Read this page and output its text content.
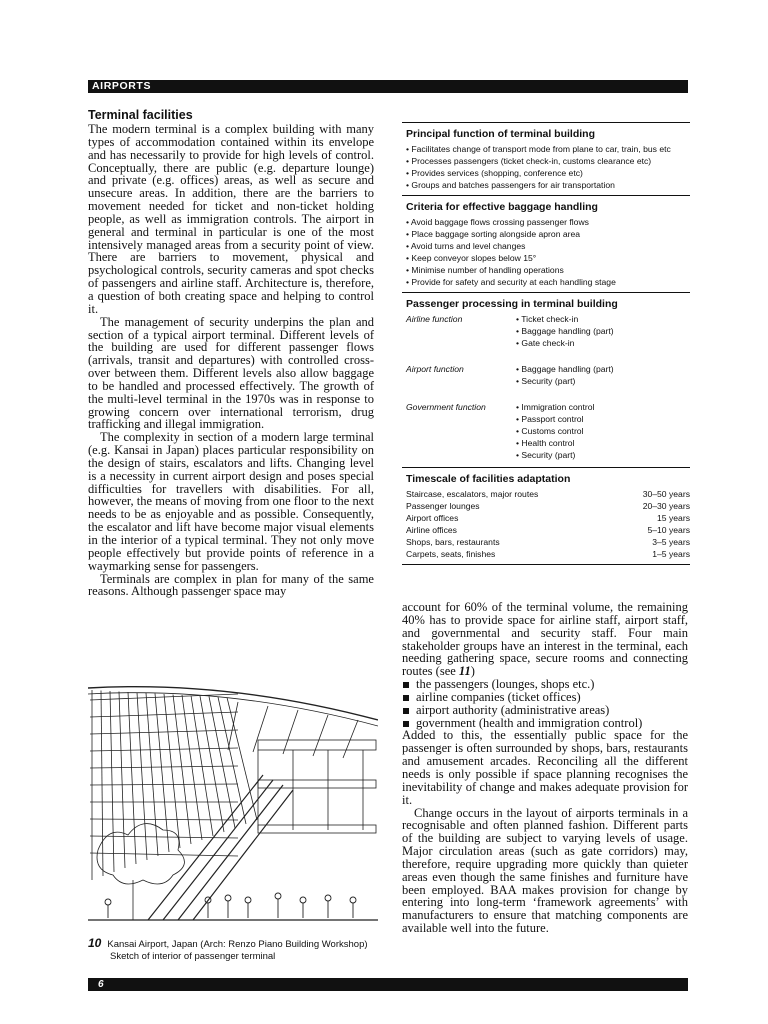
AIRPORTS
Terminal facilities

The modern terminal is a complex building with many types of accommodation contained within its envelope and has necessarily to provide for high levels of control. Conceptually, there are public (e.g. departure lounge) and private (e.g. offices) areas, as well as secure and unsecure areas. In addition, there are the barriers to movement needed for ticket and non-ticket holding people, as well as immigration controls. The airport in general and terminal in particular is one of the most intensively managed areas from a security point of view. There are barriers to movement, physical and psychological controls, security cameras and spot checks of passengers and airline staff. Architecture is, therefore, a question of both creating space and helping to control it.

The management of security underpins the plan and section of a typical airport terminal. Different levels of the building are used for different passenger flows (arrivals, transit and departures) with controlled cross-over between them. Different levels also allow baggage to be handled and processed effectively. The growth of the multi-level terminal in the 1970s was in response to growing concern over international terrorism, drug trafficking and illegal immigration.

The complexity in section of a modern large terminal (e.g. Kansai in Japan) places particular responsibility on the design of stairs, escalators and lifts. Changing level is a necessity in current airport design and poses special difficulties for travellers with disabilities. For all, however, the means of moving from one floor to the next needs to be as enjoyable and as possible. Consequently, the escalator and lift have become major visual elements in the interior of a typical terminal. They not only move people effectively but provide points of reference in a waymarking sense for passengers.

Terminals are complex in plan for many of the same reasons. Although passenger space may

10 Kansai Airport, Japan (Arch: Renzo Piano Building Workshop)
Sketch of interior of passenger terminal
Principal function of terminal building
• Facilitates change of transport mode from plane to car, train, bus etc
• Processes passengers (ticket check-in, customs clearance etc)
• Provides services (shopping, conference etc)
• Groups and batches passengers for air transportation
Criteria for effective baggage handling
• Avoid baggage flows crossing passenger flows
• Place baggage sorting alongside apron area
• Avoid turns and level changes
• Keep conveyor slopes below 15°
• Minimise number of handling operations
• Provide for safety and security at each handling stage
Passenger processing in terminal building
Airline function	• Ticket check-in
• Baggage handling (part)
• Gate check-in
Airport function	• Baggage handling (part)
• Security (part)
Government function	• Immigration control
• Passport control
• Customs control
• Health control
• Security (part)
Timescale of facilities adaptation
Staircase, escalators, major routes	30–50 years
Passenger lounges	20–30 years
Airport offices	15 years
Airline offices	5–10 years
Shops, bars, restaurants	3–5 years
Carpets, seats, finishes	1–5 years

account for 60% of the terminal volume, the remaining 40% has to provide space for airline staff, airport staff, and governmental and security staff. Four main stakeholder groups have an interest in the terminal, each needing gathering space, secure rooms and connecting routes (see 11)

the passengers (lounges, shops etc.)
airline companies (ticket offices)
airport authority (administrative areas)
government (health and immigration control)

Added to this, the essentially public space for the passenger is often surrounded by shops, bars, restaurants and amusement arcades. Reconciling all the different needs is only possible if space planning recognises the inevitability of change and makes adequate provision for it.

Change occurs in the layout of airports terminals in a recognisable and often planned fashion. Different parts of the building are subject to varying levels of usage. Major circulation areas (such as gate corridors) may, therefore, require upgrading more quickly than quieter areas even though the same finishes and furniture have been employed. BAA makes provision for change by entering into long-term ‘framework agreements’ with manufacturers to ensure that matching components are available well into the future.

6
